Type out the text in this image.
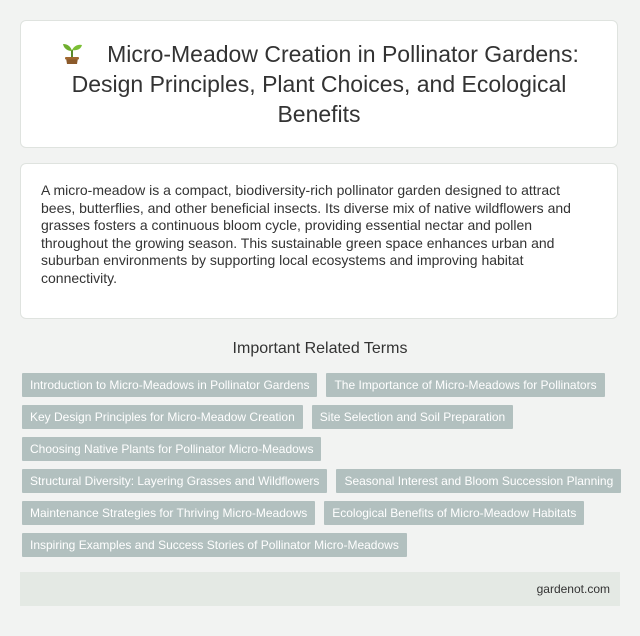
Micro-Meadow Creation in Pollinator Gardens: Design Principles, Plant Choices, and Ecological Benefits

A micro-meadow is a compact, biodiversity-rich pollinator garden designed to attract bees, butterflies, and other beneficial insects. Its diverse mix of native wildflowers and grasses fosters a continuous bloom cycle, providing essential nectar and pollen throughout the growing season. This sustainable green space enhances urban and suburban environments by supporting local ecosystems and improving habitat connectivity.

Important Related Terms
Introduction to Micro-Meadows in Pollinator Gardens	The Importance of Micro-Meadows for Pollinators
Key Design Principles for Micro-Meadow Creation	Site Selection and Soil Preparation
Choosing Native Plants for Pollinator Micro-Meadows
Structural Diversity: Layering Grasses and Wildflowers	Seasonal Interest and Bloom Succession Planning
Maintenance Strategies for Thriving Micro-Meadows	Ecological Benefits of Micro-Meadow Habitats
Inspiring Examples and Success Stories of Pollinator Micro-Meadows
gardenot.com
